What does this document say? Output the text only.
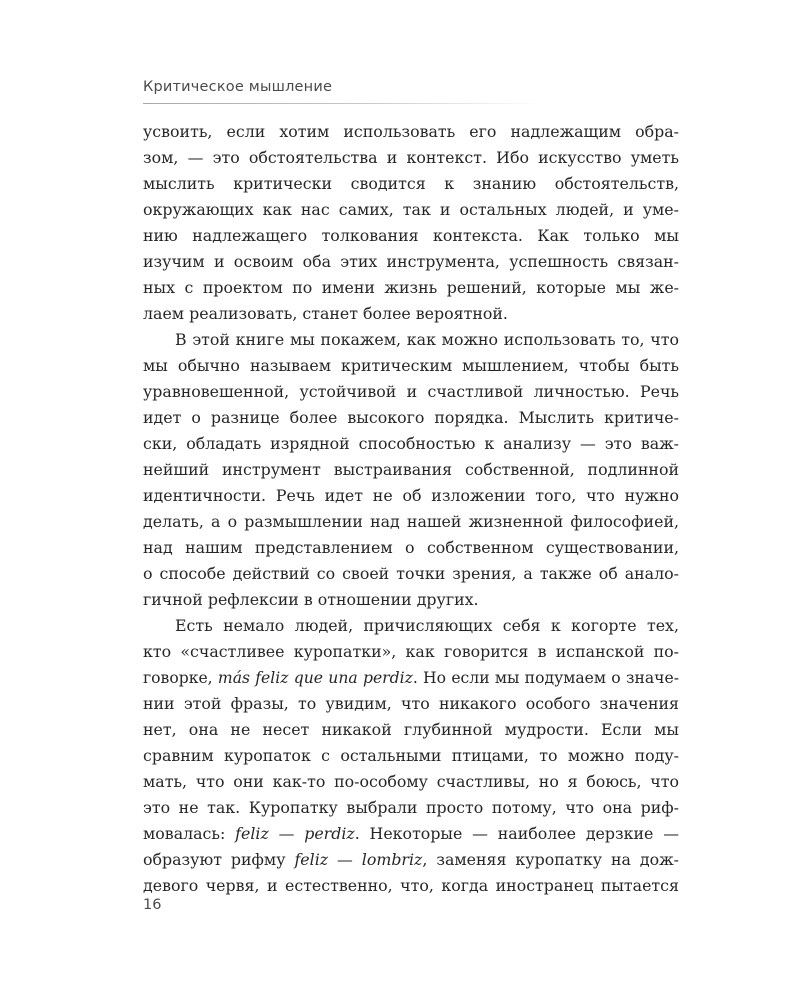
Критическое мышление
усвоить, если хотим использовать его надлежащим обра-
зом, — это обстоятельства и контекст. Ибо искусство уметь
мыслить критически сводится к знанию обстоятельств,
окружающих как нас самих, так и остальных людей, и уме-
нию надлежащего толкования контекста. Как только мы
изучим и освоим оба этих инструмента, успешность связан-
ных с проектом по имени жизнь решений, которые мы же-
лаем реализовать, станет более вероятной.
В этой книге мы покажем, как можно использовать то, что
мы обычно называем критическим мышлением, чтобы быть
уравновешенной, устойчивой и счастливой личностью. Речь
идет о разнице более высокого порядка. Мыслить критиче-
ски, обладать изрядной способностью к анализу — это важ-
нейший инструмент выстраивания собственной, подлинной
идентичности. Речь идет не об изложении того, что нужно
делать, а о размышлении над нашей жизненной философией,
над нашим представлением о собственном существовании,
о способе действий со своей точки зрения, а также об анало-
гичной рефлексии в отношении других.
Есть немало людей, причисляющих себя к когорте тех,
кто «счастливее куропатки», как говорится в испанской по-
говорке, más feliz que una perdiz. Но если мы подумаем о значе-
нии этой фразы, то увидим, что никакого особого значения
нет, она не несет никакой глубинной мудрости. Если мы
сравним куропаток с остальными птицами, то можно поду-
мать, что они как-то по-особому счастливы, но я боюсь, что
это не так. Куропатку выбрали просто потому, что она риф-
мовалась: feliz — perdiz. Некоторые — наиболее дерзкие —
образуют рифму feliz — lombriz, заменяя куропатку на дож-
девого червя, и естественно, что, когда иностранец пытается
16
